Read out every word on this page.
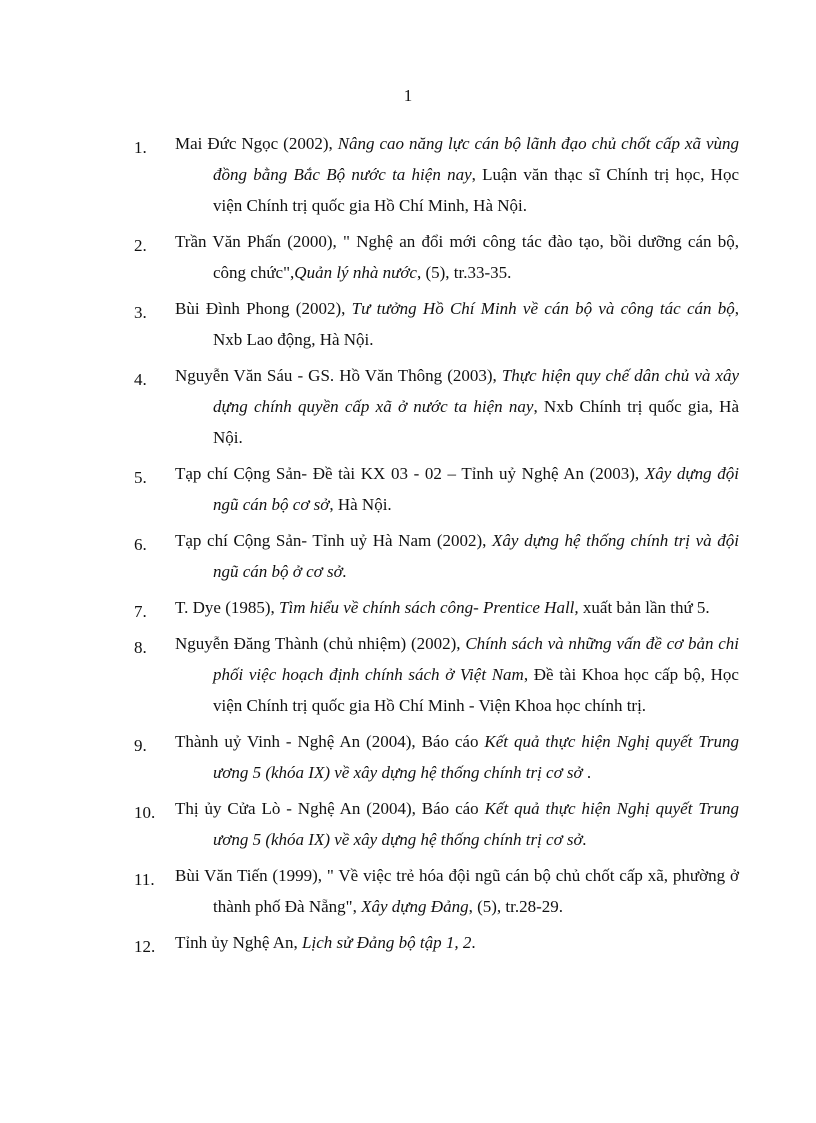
1
1. Mai Đức Ngọc (2002), Nâng cao năng lực cán bộ lãnh đạo chủ chốt cấp xã vùng đồng bằng Bắc Bộ nước ta hiện nay, Luận văn thạc sĩ Chính trị học, Học viện Chính trị quốc gia Hồ Chí Minh, Hà Nội.
2. Trần Văn Phấn (2000), " Nghệ an đổi mới công tác đào tạo, bồi dưỡng cán bộ, công chức",Quản lý nhà nước, (5), tr.33-35.
3. Bùi Đình Phong (2002), Tư tưởng Hồ Chí Minh về cán bộ và công tác cán bộ, Nxb Lao động, Hà Nội.
4. Nguyễn Văn Sáu - GS. Hồ Văn Thông (2003), Thực hiện quy chế dân chủ và xây dựng chính quyền cấp xã ở nước ta hiện nay, Nxb Chính trị quốc gia, Hà Nội.
5. Tạp chí Cộng Sản- Đề tài KX 03 - 02 – Tỉnh uỷ Nghệ An (2003), Xây dựng đội ngũ cán bộ cơ sở, Hà Nội.
6. Tạp chí Cộng Sản- Tỉnh uỷ Hà Nam (2002), Xây dựng hệ thống chính trị và đội ngũ cán bộ ở cơ sở.
7. T. Dye (1985), Tìm hiểu về chính sách công- Prentice Hall, xuất bản lần thứ 5.
8. Nguyễn Đăng Thành (chủ nhiệm) (2002), Chính sách và những vấn đề cơ bản chi phối việc hoạch định chính sách ở Việt Nam, Đề tài Khoa học cấp bộ, Học viện Chính trị quốc gia Hồ Chí Minh - Viện Khoa học chính trị.
9. Thành uỷ Vinh - Nghệ An (2004), Báo cáo Kết quả thực hiện Nghị quyết Trung ương 5 (khóa IX) về xây dựng hệ thống chính trị cơ sở .
10. Thị ủy Cửa Lò - Nghệ An (2004), Báo cáo Kết quả thực hiện Nghị quyết Trung ương 5 (khóa IX) về xây dựng hệ thống chính trị cơ sở.
11. Bùi Văn Tiến (1999), " Về việc trẻ hóa đội ngũ cán bộ chủ chốt cấp xã, phường ở thành phố Đà Nẵng", Xây dựng Đảng, (5), tr.28-29.
12. Tỉnh ủy Nghệ An, Lịch sử Đảng bộ tập 1, 2.
